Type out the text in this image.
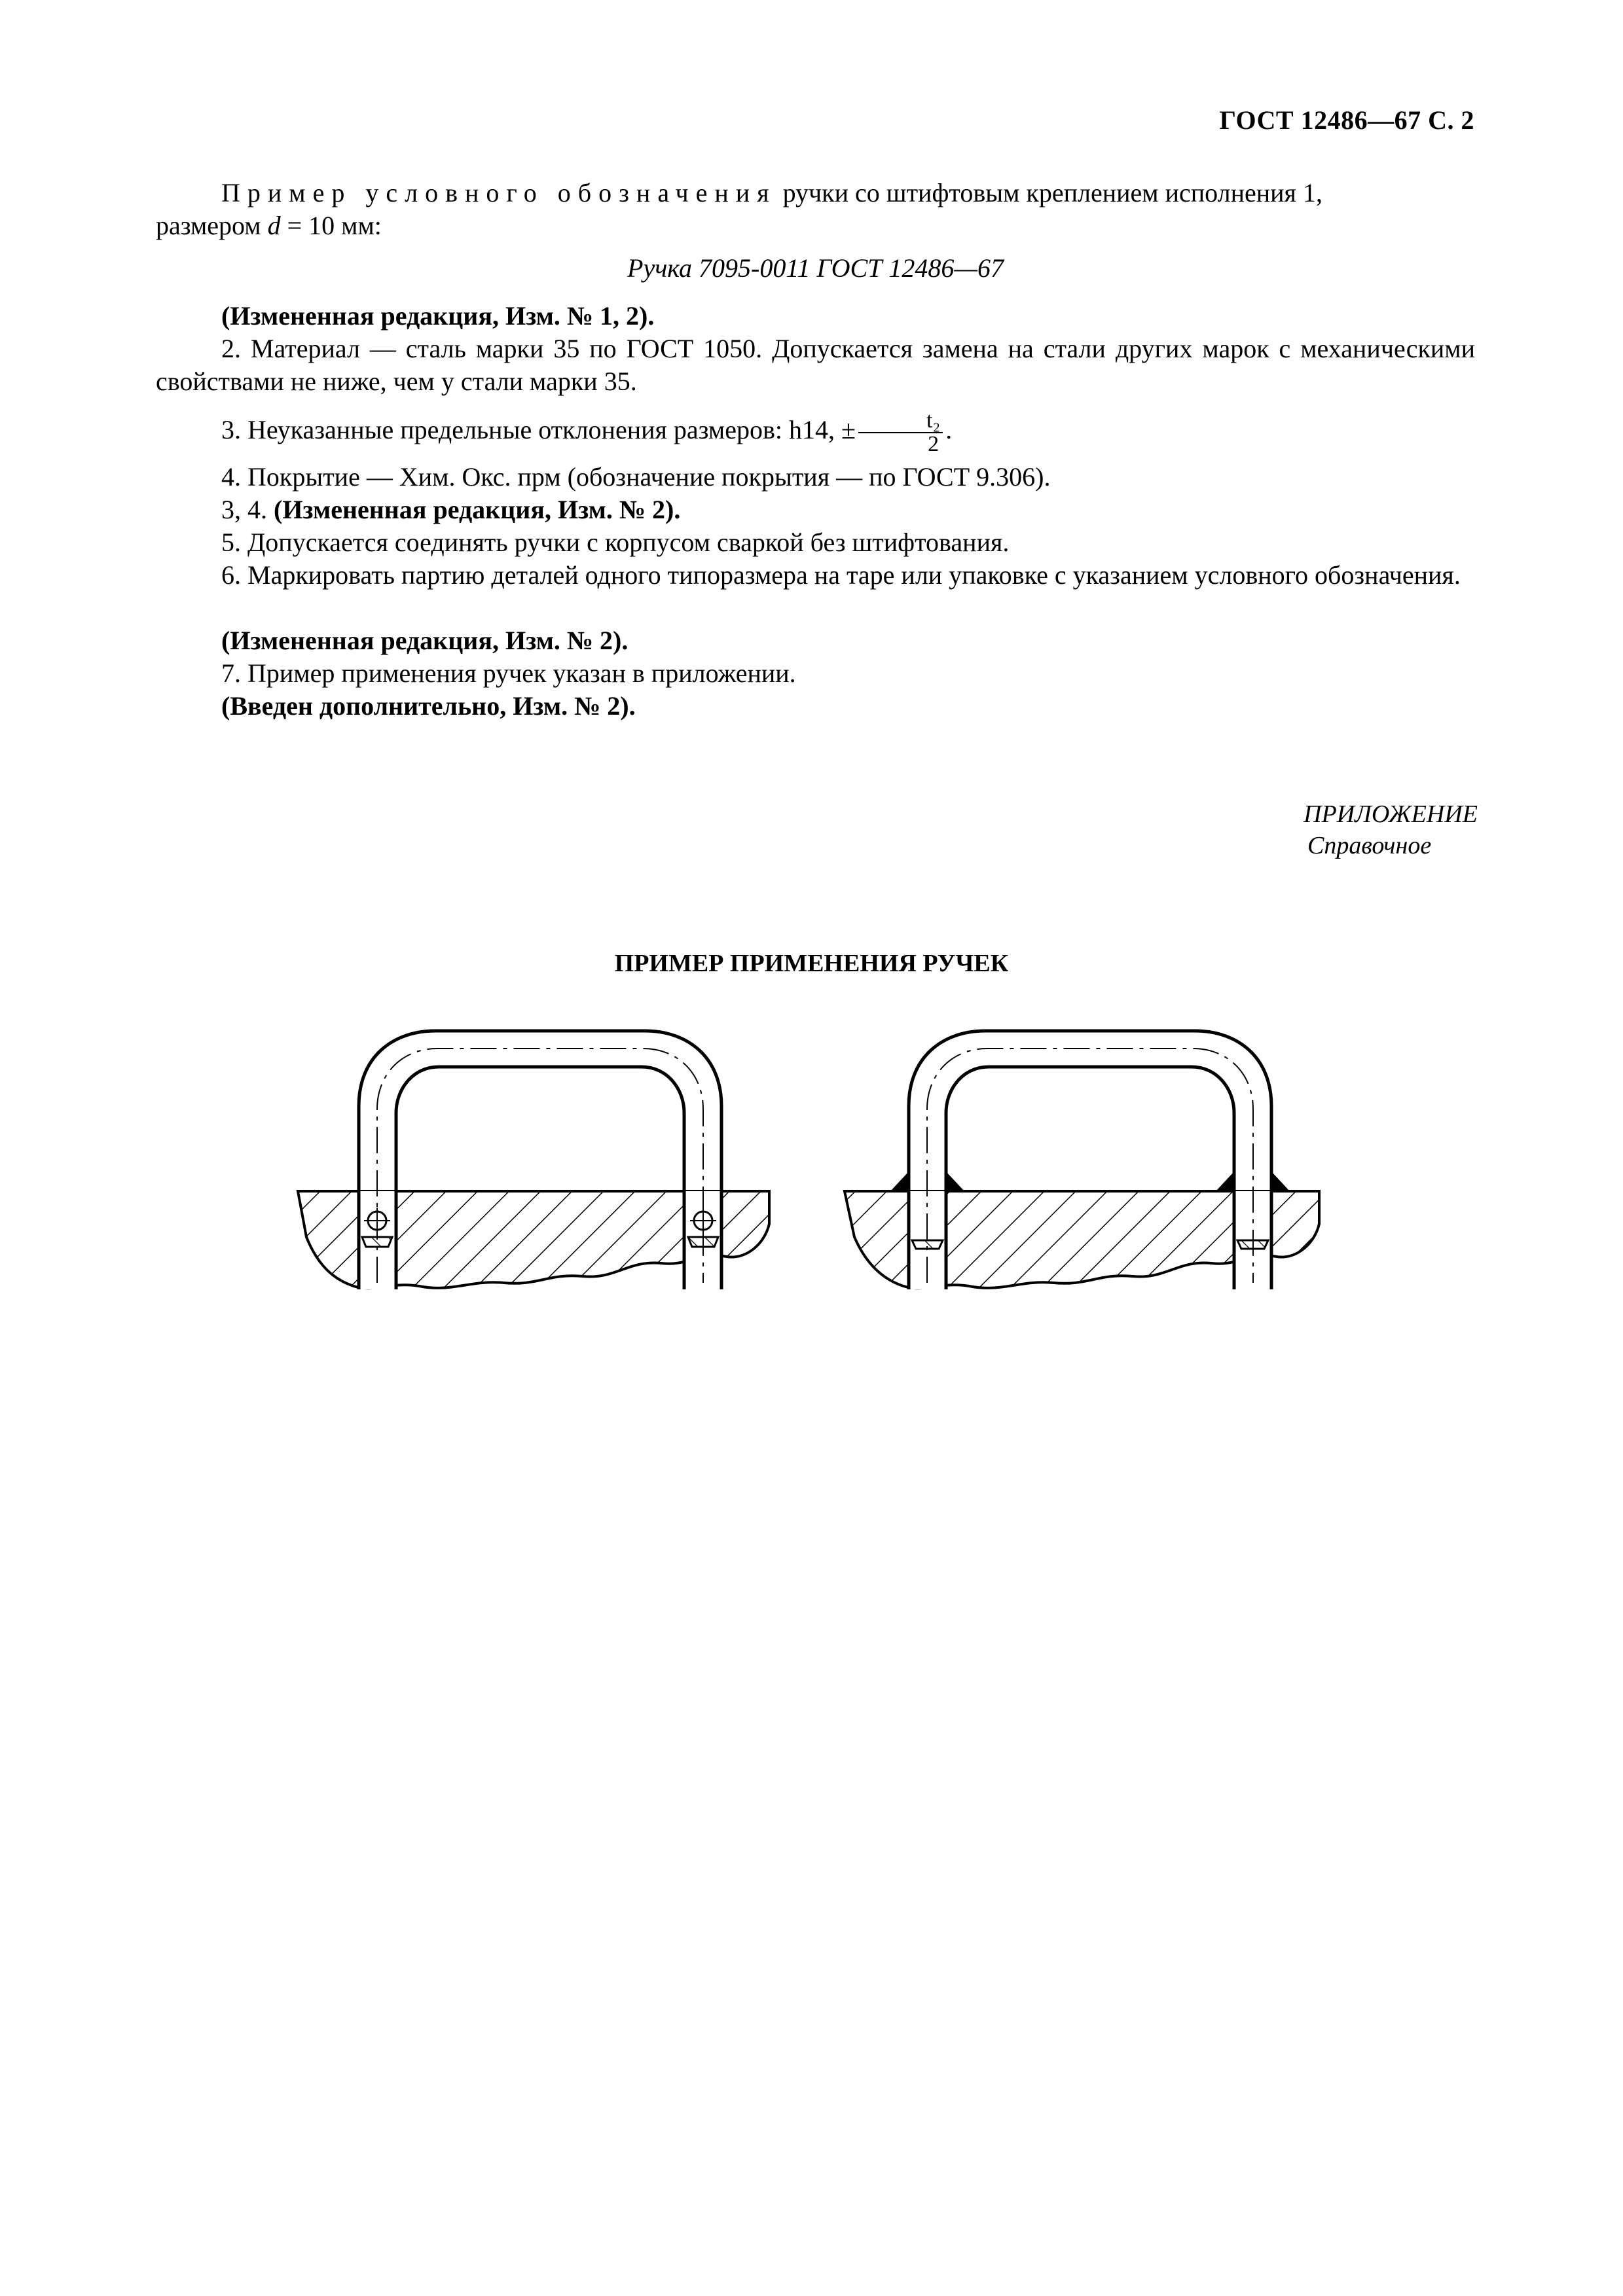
ГОСТ 12486—67 С. 2
Пример условного обозначения ручки со штифтовым креплением исполнения 1,
размером d = 10 мм:
Ручка 7095-0011 ГОСТ 12486—67
(Измененная редакция, Изм. № 1, 2).
2. Материал — сталь марки 35 по ГОСТ 1050. Допускается замена на стали других марок с механическими свойствами не ниже, чем у стали марки 35.
3. Неуказанные предельные отклонения размеров: h14, ± $\frac{\text{t₂}}{2}$ .
4. Покрытие — Хим. Окс. прм (обозначение покрытия — по ГОСТ 9.306).
3, 4. (Измененная редакция, Изм. № 2).
5. Допускается соединять ручки с корпусом сваркой без штифтования.
6. Маркировать партию деталей одного типоразмера на таре или упаковке с указанием условного обозначения.
(Измененная редакция, Изм. № 2).
7. Пример применения ручек указан в приложении.
(Введен дополнительно, Изм. № 2).
ПРИЛОЖЕНИЕ
Справочное
ПРИМЕР ПРИМЕНЕНИЯ РУЧЕК
